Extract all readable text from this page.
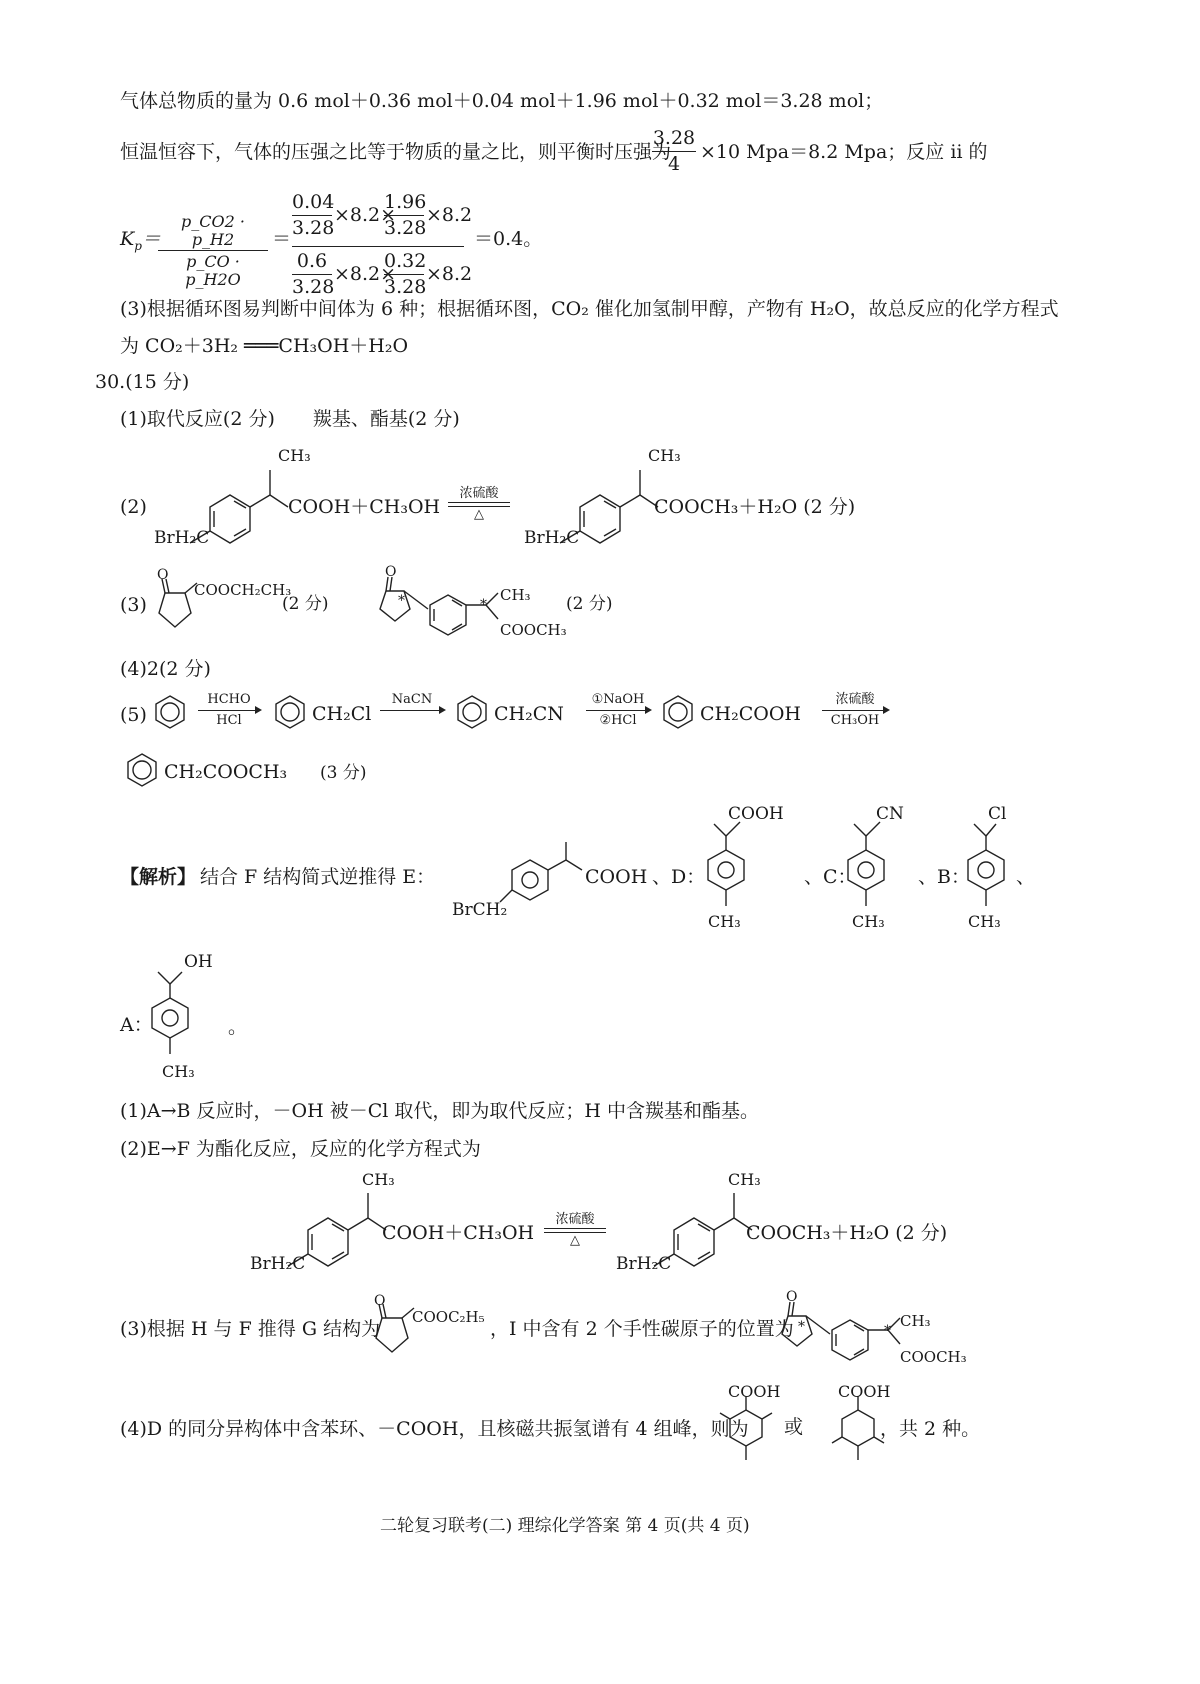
气体总物质的量为 0.6 mol＋0.36 mol＋0.04 mol＋1.96 mol＋0.32 mol＝3.28 mol；
恒温恒容下，气体的压强之比等于物质的量之比，则平衡时压强为
3.28
4
×10 Mpa＝8.2 Mpa；反应 ⅱ 的
$K_p=$
p_CO2 · p_H2
p_CO · p_H2O
＝
0.04
3.28
×8.2×
1.96
3.28
×8.2
0.6
3.28
×8.2×
0.32
3.28
×8.2
＝0.4。
(3)根据循环图易判断中间体为 6 种；根据循环图，CO₂ 催化加氢制甲醇，产物有 H₂O，故总反应的化学方程式
为 CO₂＋3H₂ ═══CH₃OH＋H₂O
30.(15 分)
(1)取代反应(2 分)　　羰基、酯基(2 分)
(2)
CH₃
BrH₂C
COOH＋CH₃OH
浓硫酸
△
CH₃
BrH₂C
COOCH₃＋H₂O (2 分)
(3)
O
COOCH₂CH₃
(2 分)
O
*	*
CH₃
COOCH₃
(2 分)
(4)2(2 分)
(5)
HCHO
HCl	CH₂Cl
NaCN

CH₂CN
①NaOH
②HCl	CH₂COOH
浓硫酸
CH₃OH
CH₂COOCH₃ (3 分)
【解析】 结合 F 结构简式逆推得 E：	COOH
BrCH₂
、D：
COOH
CH₃
、C：
CN
CH₃
、B：
Cl
CH₃
、
A：
OH
CH₃
。
(1)A→B 反应时，－OH 被－Cl 取代，即为取代反应；H 中含羰基和酯基。
(2)E→F 为酯化反应，反应的化学方程式为
CH₃
BrH₂C
COOH＋CH₃OH
浓硫酸
△
CH₃
BrH₂C
COOCH₃＋H₂O (2 分)
(3)根据 H 与 F 推得 G 结构为
O
COOC₂H₅
，I 中含有 2 个手性碳原子的位置为
O
*	*
CH₃
COOCH₃
(4)D 的同分异构体中含苯环、－COOH，且核磁共振氢谱有 4 组峰，则为
COOH
或
COOH
，共 2 种。
二轮复习联考(二) 理综化学答案 第 4 页(共 4 页)
